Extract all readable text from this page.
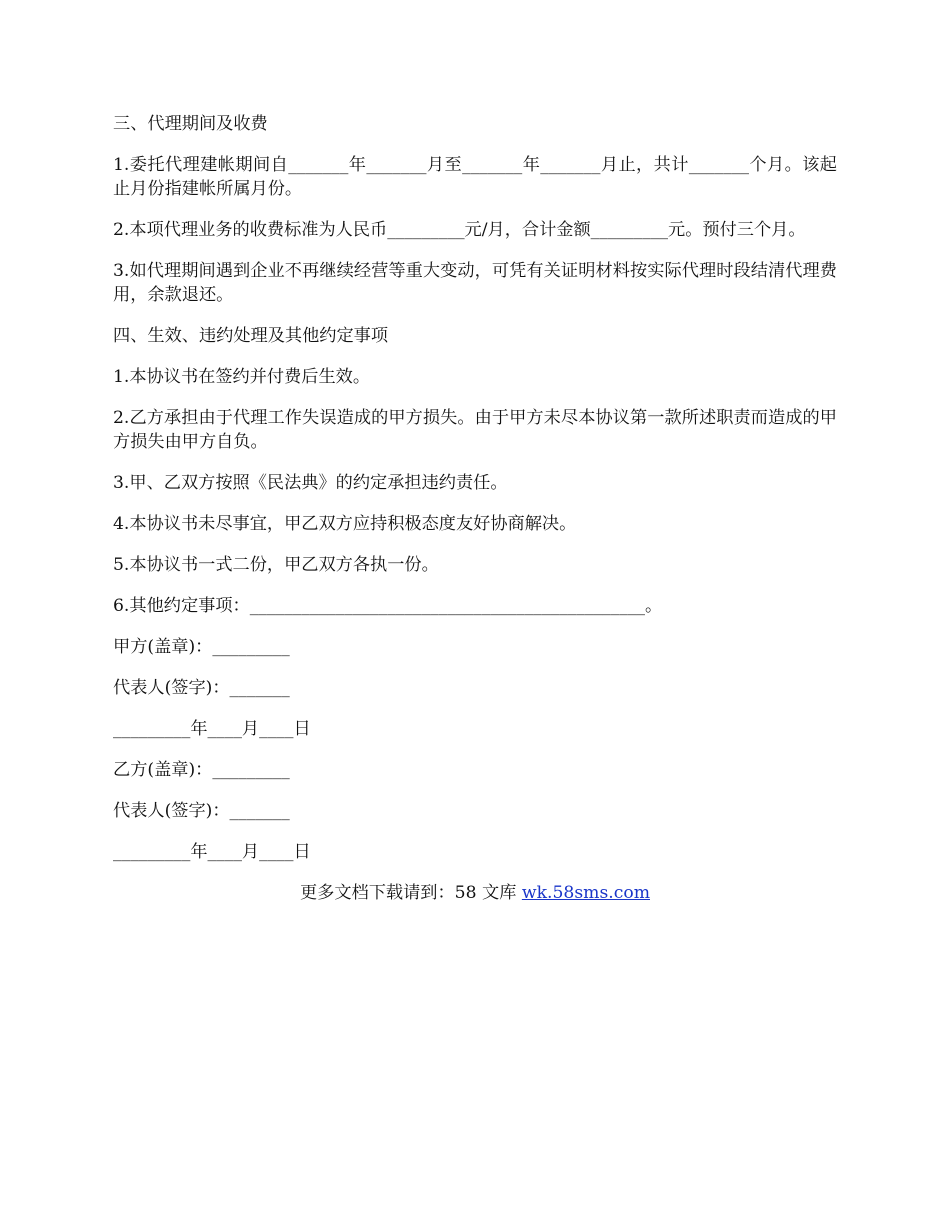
三、代理期间及收费

1.委托代理建帐期间自_______年_______月至_______年_______月止，共计_______个月。该起止月份指建帐所属月份。

2.本项代理业务的收费标准为人民币_________元/月，合计金额_________元。预付三个月。

3.如代理期间遇到企业不再继续经营等重大变动，可凭有关证明材料按实际代理时段结清代理费用，余款退还。

四、生效、违约处理及其他约定事项

1.本协议书在签约并付费后生效。

2.乙方承担由于代理工作失误造成的甲方损失。由于甲方未尽本协议第一款所述职责而造成的甲方损失由甲方自负。

3.甲、乙双方按照《民法典》的约定承担违约责任。

4.本协议书未尽事宜，甲乙双方应持积极态度友好协商解决。

5.本协议书一式二份，甲乙双方各执一份。

6.其他约定事项：______________________________________________。

甲方(盖章)：_________

代表人(签字)：_______

_________年____月____日

乙方(盖章)：_________

代表人(签字)：_______

_________年____月____日

更多文档下载请到：58 文库 wk.58sms.com
